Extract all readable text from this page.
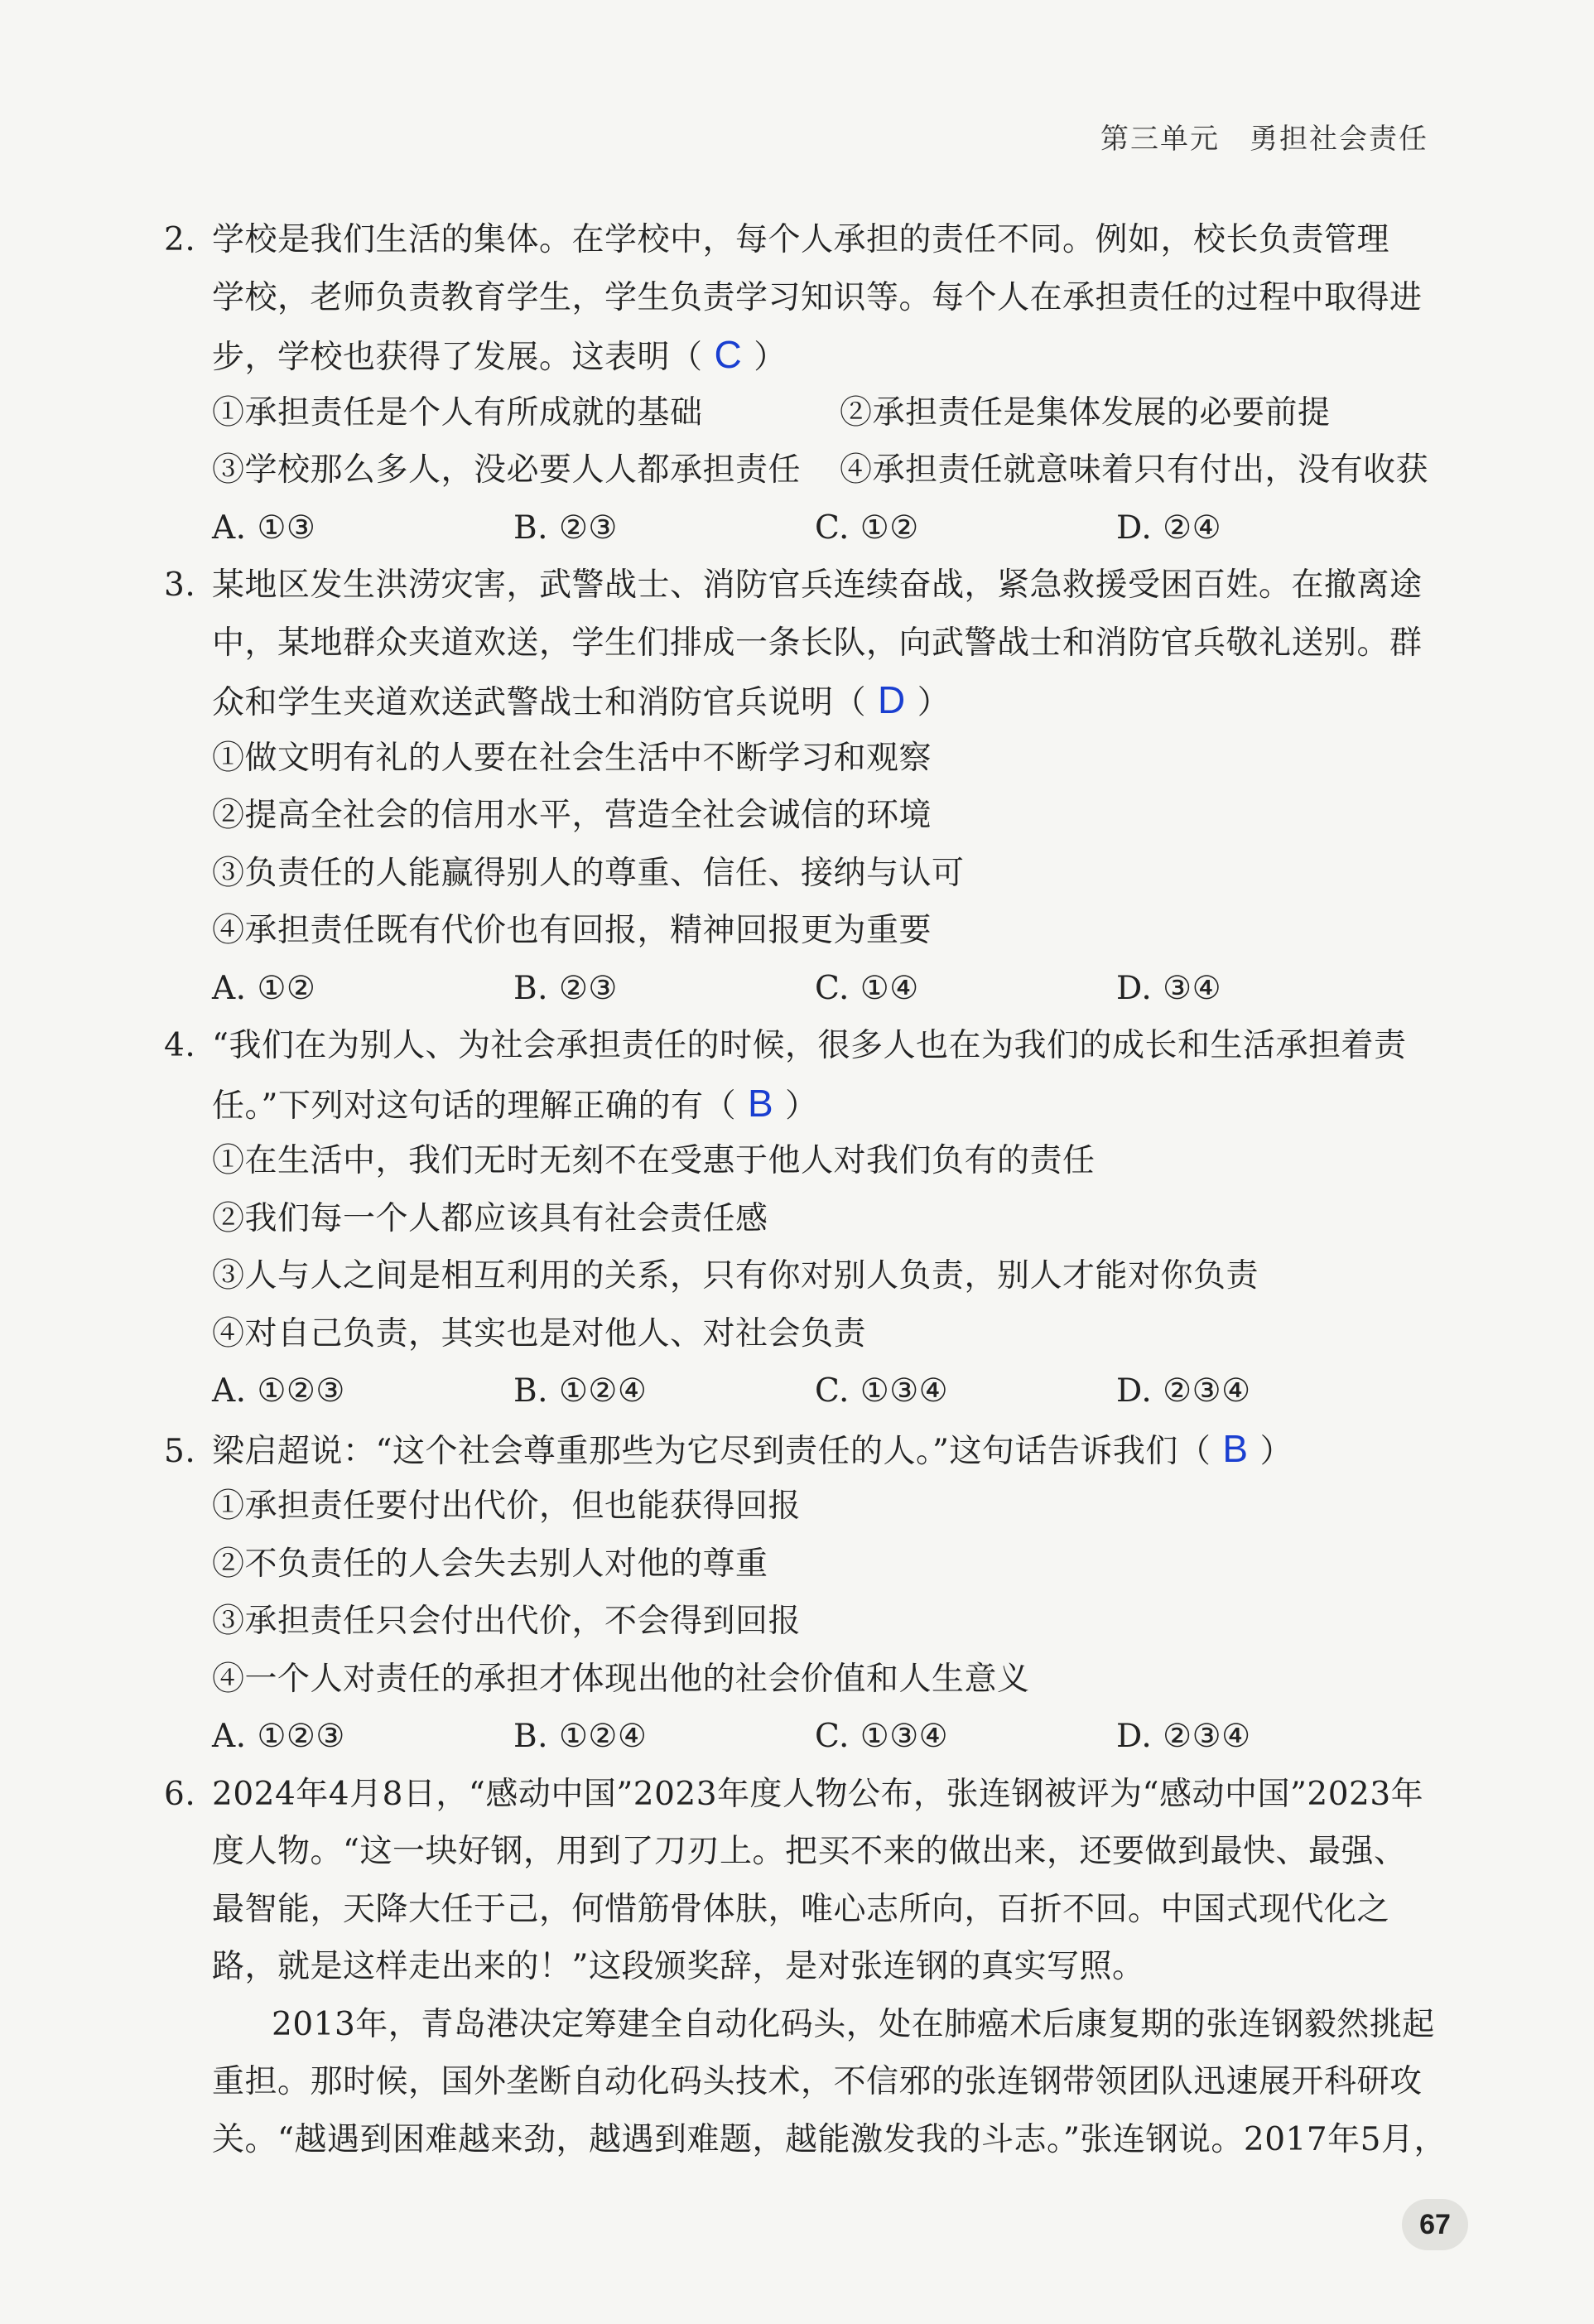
第三单元　勇担社会责任
2. 学校是我们生活的集体。在学校中，每个人承担的责任不同。例如，校长负责管理
学校，老师负责教育学生，学生负责学习知识等。每个人在承担责任的过程中取得进
步，学校也获得了发展。这表明（ C ）
①承担责任是个人有所成就的基础	②承担责任是集体发展的必要前提
③学校那么多人，没必要人人都承担责任	④承担责任就意味着只有付出，没有收获
A. ①③	B. ②③	C. ①②	D. ②④
3. 某地区发生洪涝灾害，武警战士、消防官兵连续奋战，紧急救援受困百姓。在撤离途
中，某地群众夹道欢送，学生们排成一条长队，向武警战士和消防官兵敬礼送别。群
众和学生夹道欢送武警战士和消防官兵说明（ D ）
①做文明有礼的人要在社会生活中不断学习和观察
②提高全社会的信用水平，营造全社会诚信的环境
③负责任的人能赢得别人的尊重、信任、接纳与认可
④承担责任既有代价也有回报，精神回报更为重要
A. ①②	B. ②③	C. ①④	D. ③④
4. “我们在为别人、为社会承担责任的时候，很多人也在为我们的成长和生活承担着责
任。”下列对这句话的理解正确的有（ B ）
①在生活中，我们无时无刻不在受惠于他人对我们负有的责任
②我们每一个人都应该具有社会责任感
③人与人之间是相互利用的关系，只有你对别人负责，别人才能对你负责
④对自己负责，其实也是对他人、对社会负责
A. ①②③	B. ①②④	C. ①③④	D. ②③④
5. 梁启超说：“这个社会尊重那些为它尽到责任的人。”这句话告诉我们（ B ）
①承担责任要付出代价，但也能获得回报
②不负责任的人会失去别人对他的尊重
③承担责任只会付出代价，不会得到回报
④一个人对责任的承担才体现出他的社会价值和人生意义
A. ①②③	B. ①②④	C. ①③④	D. ②③④
6. 2024年4月8日，“感动中国”2023年度人物公布，张连钢被评为“感动中国”2023年
度人物。“这一块好钢，用到了刀刃上。把买不来的做出来，还要做到最快、最强、
最智能，天降大任于己，何惜筋骨体肤，唯心志所向，百折不回。中国式现代化之
路，就是这样走出来的！”这段颁奖辞，是对张连钢的真实写照。
2013年，青岛港决定筹建全自动化码头，处在肺癌术后康复期的张连钢毅然挑起
重担。那时候，国外垄断自动化码头技术，不信邪的张连钢带领团队迅速展开科研攻
关。“越遇到困难越来劲，越遇到难题，越能激发我的斗志。”张连钢说。2017年5月，
67
